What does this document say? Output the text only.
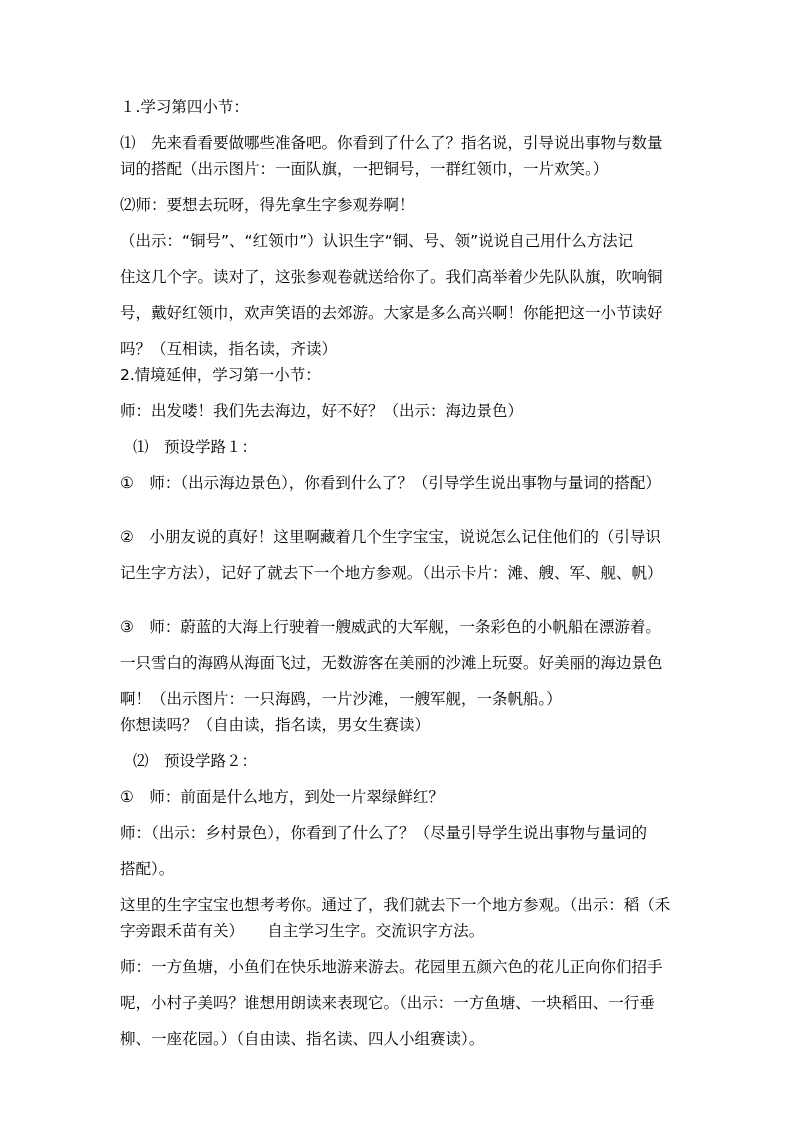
１.学习第四小节：
⑴　先来看看要做哪些准备吧。你看到了什么了？指名说，引导说出事物与数量
词的搭配（出示图片：一面队旗，一把铜号，一群红领巾，一片欢笑。）
⑵师：要想去玩呀，得先拿生字参观券啊！
（出示：“铜号”、“红领巾”）认识生字“铜、号、领”说说自己用什么方法记
住这几个字。读对了，这张参观卷就送给你了。我们高举着少先队队旗，吹响铜
号，戴好红领巾，欢声笑语的去郊游。大家是多么高兴啊！你能把这一小节读好
吗？（互相读，指名读，齐读）
2.情境延伸，学习第一小节：
师：出发喽！我们先去海边，好不好？（出示：海边景色）
⑴　预设学路１：
①　师：（出示海边景色），你看到什么了？（引导学生说出事物与量词的搭配）
②　小朋友说的真好！这里啊藏着几个生字宝宝，说说怎么记住他们的（引导识
记生字方法），记好了就去下一个地方参观。（出示卡片：滩、艘、军、舰、帆）
③　师：蔚蓝的大海上行驶着一艘威武的大军舰，一条彩色的小帆船在漂游着。
一只雪白的海鸥从海面飞过，无数游客在美丽的沙滩上玩耍。好美丽的海边景色
啊！（出示图片：一只海鸥，一片沙滩，一艘军舰，一条帆船。）
你想读吗？（自由读，指名读，男女生赛读）
⑵　预设学路２：
①　师：前面是什么地方，到处一片翠绿鲜红？
师：（出示：乡村景色），你看到了什么了？（尽量引导学生说出事物与量词的
搭配）。
这里的生字宝宝也想考考你。通过了，我们就去下一个地方参观。（出示：稻（禾
字旁跟禾苗有关）　　自主学习生字。交流识字方法。
师：一方鱼塘，小鱼们在快乐地游来游去。花园里五颜六色的花儿正向你们招手
呢，小村子美吗？谁想用朗读来表现它。（出示：一方鱼塘、一块稻田、一行垂
柳、一座花园。）（自由读、指名读、四人小组赛读）。
